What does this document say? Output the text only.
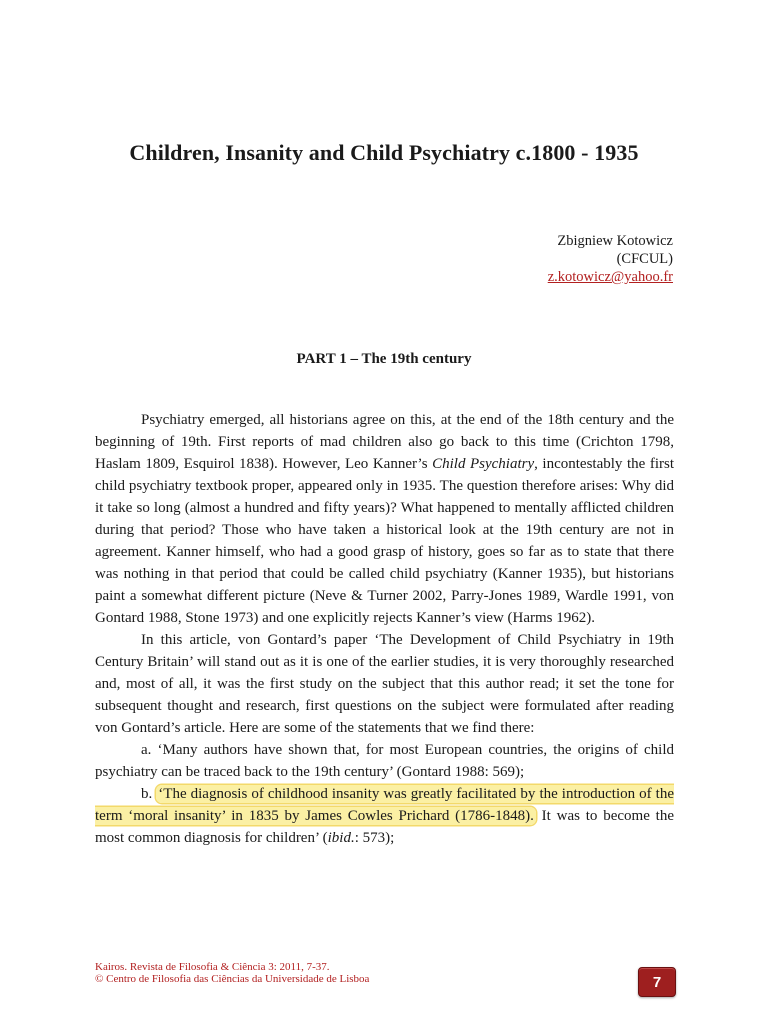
Children, Insanity and Child Psychiatry c.1800 - 1935
Zbigniew Kotowicz
(CFCUL)
z.kotowicz@yahoo.fr
PART 1 – The 19th century

Psychiatry emerged, all historians agree on this, at the end of the 18th century and the beginning of 19th. First reports of mad children also go back to this time (Crichton 1798, Haslam 1809, Esquirol 1838). However, Leo Kanner’s Child Psychiatry, incontestably the first child psychiatry textbook proper, appeared only in 1935. The question therefore arises: Why did it take so long (almost a hundred and fifty years)? What happened to mentally afflicted children during that period? Those who have taken a historical look at the 19th century are not in agreement. Kanner himself, who had a good grasp of history, goes so far as to state that there was nothing in that period that could be called child psychiatry (Kanner 1935), but historians paint a somewhat different picture (Neve & Turner 2002, Parry-Jones 1989, Wardle 1991, von Gontard 1988, Stone 1973) and one explicitly rejects Kanner’s view (Harms 1962).

In this article, von Gontard’s paper ‘The Development of Child Psychiatry in 19th Century Britain’ will stand out as it is one of the earlier studies, it is very thoroughly researched and, most of all, it was the first study on the subject that this author read; it set the tone for subsequent thought and research, first questions on the subject were formulated after reading von Gontard’s article. Here are some of the statements that we find there:

a. ‘Many authors have shown that, for most European countries, the origins of child psychiatry can be traced back to the 19th century’ (Gontard 1988: 569);

b. ‘The diagnosis of childhood insanity was greatly facilitated by the introduction of the term ‘moral insanity’ in 1835 by James Cowles Prichard (1786-1848). It was to become the most common diagnosis for children’ (ibid.: 573);

Kairos. Revista de Filosofia & Ciência 3: 2011, 7-37.
© Centro de Filosofia das Ciências da Universidade de Lisboa	7
